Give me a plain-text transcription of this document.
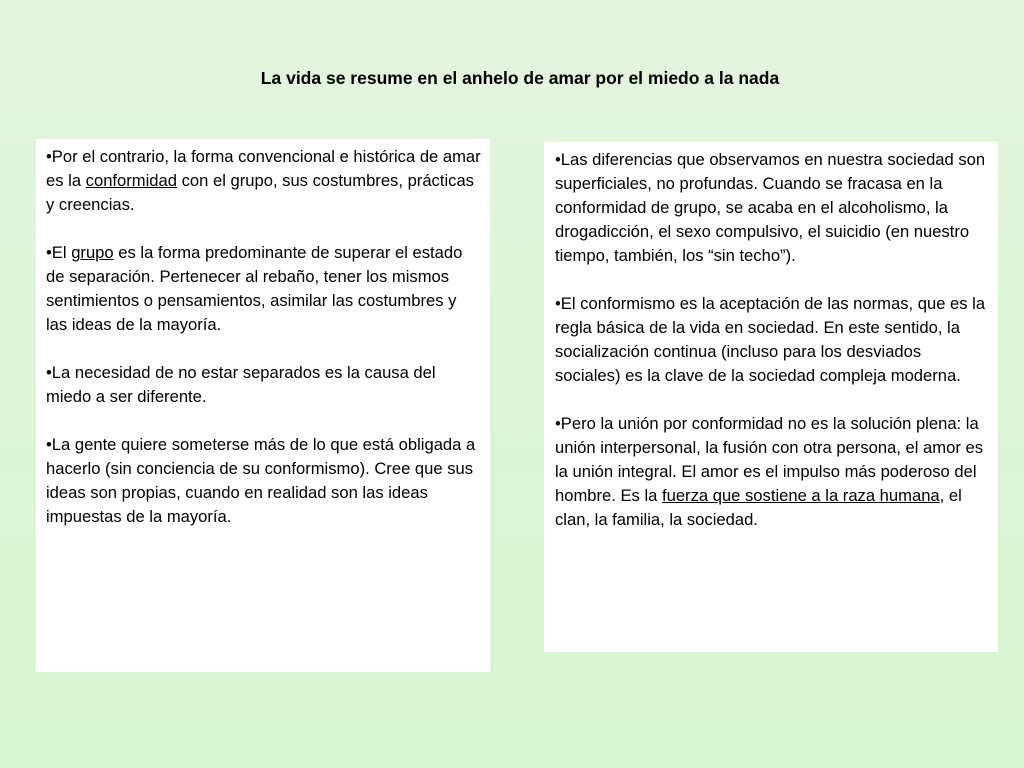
La vida se resume en el anhelo de amar por el miedo a la nada

•Por el contrario, la forma convencional e histórica de amar es la conformidad con el grupo, sus costumbres, prácticas y creencias.

•El grupo es la forma predominante de superar el estado de separación. Pertenecer al rebaño, tener los mismos sentimientos o pensamientos, asimilar las costumbres y las ideas de la mayoría.

•La necesidad de no estar separados es la causa del miedo a ser diferente.

•La gente quiere someterse más de lo que está obligada a hacerlo (sin conciencia de su conformismo). Cree que sus ideas son propias, cuando en realidad son las ideas impuestas de la mayoría.

•Las diferencias que observamos en nuestra sociedad son superficiales, no profundas. Cuando se fracasa en la conformidad de grupo, se acaba en el alcoholismo, la drogadicción, el sexo compulsivo, el suicidio (en nuestro tiempo, también, los “sin techo”).

•El conformismo es la aceptación de las normas, que es la regla básica de la vida en sociedad. En este sentido, la socialización continua (incluso para los desviados sociales) es la clave de la sociedad compleja moderna.

•Pero la unión por conformidad no es la solución plena: la unión interpersonal, la fusión con otra persona, el amor es la unión integral. El amor es el impulso más poderoso del hombre. Es la fuerza que sostiene a la raza humana, el clan, la familia, la sociedad.
